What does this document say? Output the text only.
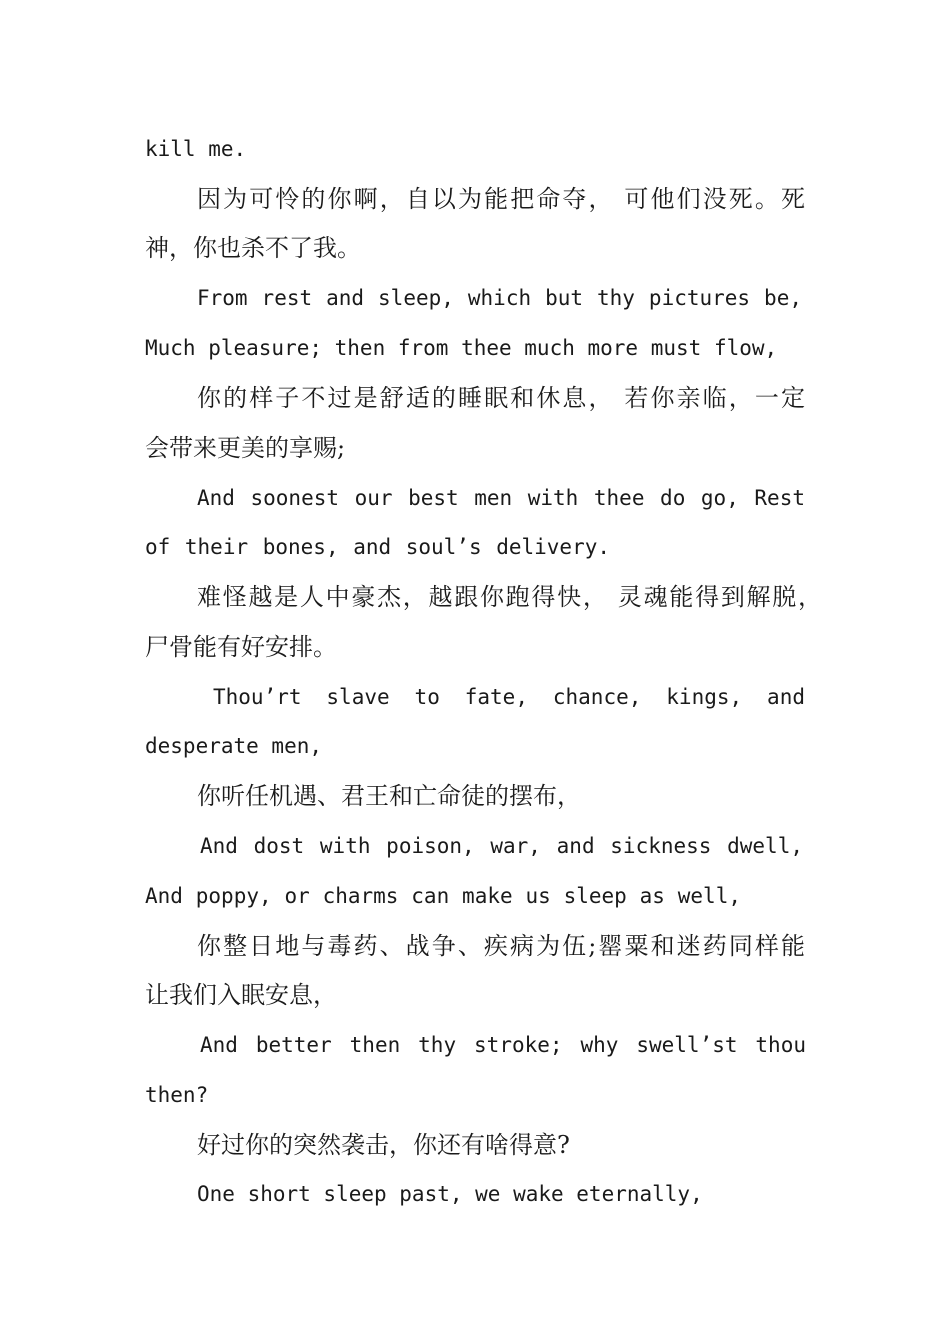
kill me.

因为可怜的你啊，自以为能把命夺， 可他们没死。死

神，你也杀不了我。

From rest and sleep, which but thy pictures be,

Much pleasure; then from thee much more must flow,

你的样子不过是舒适的睡眠和休息， 若你亲临，一定

会带来更美的享赐;

And soonest our best men with thee do go, Rest

of their bones, and soul’s delivery.

难怪越是人中豪杰，越跟你跑得快， 灵魂能得到解脱，

尸骨能有好安排。

Thou’rt slave to fate, chance, kings, and

desperate men,

你听任机遇、君王和亡命徒的摆布，

And dost with poison, war, and sickness dwell,

And poppy, or charms can make us sleep as well,

你整日地与毒药、战争、疾病为伍;罂粟和迷药同样能

让我们入眠安息，

And better then thy stroke; why swell’st thou

then?

好过你的突然袭击，你还有啥得意?

One short sleep past, we wake eternally,
